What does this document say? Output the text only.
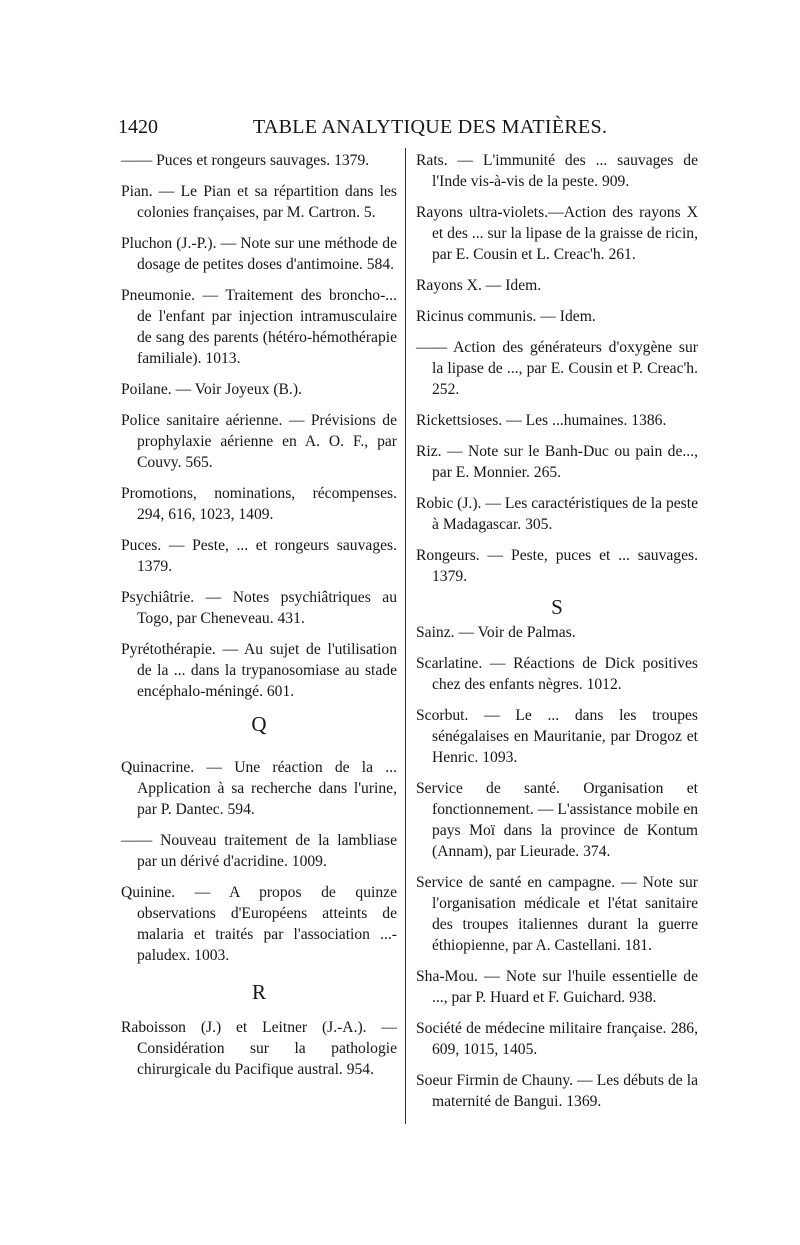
1420	TABLE ANALYTIQUE DES MATIÈRES.

—— Puces et rongeurs sauvages. 1379.

Pian. — Le Pian et sa répartition dans les colonies françaises, par M. Cartron. 5.

Pluchon (J.-P.). — Note sur une méthode de dosage de petites doses d'antimoine. 584.

Pneumonie. — Traitement des broncho-... de l'enfant par injection intramusculaire de sang des parents (hétéro-hémothérapie familiale). 1013.

Poilane. — Voir Joyeux (B.).

Police sanitaire aérienne. — Prévisions de prophylaxie aérienne en A. O. F., par Couvy. 565.

Promotions, nominations, récompenses. 294, 616, 1023, 1409.

Puces. — Peste, ... et rongeurs sauvages. 1379.

Psychiâtrie. — Notes psychiâtriques au Togo, par Cheneveau. 431.

Pyrétothérapie. — Au sujet de l'utilisation de la ... dans la trypanosomiase au stade encéphalo-méningé. 601.

Q

Quinacrine. — Une réaction de la ... Application à sa recherche dans l'urine, par P. Dantec. 594.

—— Nouveau traitement de la lambliase par un dérivé d'acridine. 1009.

Quinine. — A propos de quinze observations d'Européens atteints de malaria et traités par l'association ...-paludex. 1003.

R

Raboisson (J.) et Leitner (J.-A.). — Considération sur la pathologie chirurgicale du Pacifique austral. 954.

Rats. — L'immunité des ... sauvages de l'Inde vis-à-vis de la peste. 909.

Rayons ultra-violets.—Action des rayons X et des ... sur la lipase de la graisse de ricin, par E. Cousin et L. Creac'h. 261.

Rayons X. — Idem.

Ricinus communis. — Idem.

—— Action des générateurs d'oxygène sur la lipase de ..., par E. Cousin et P. Creac'h. 252.

Rickettsioses. — Les ...humaines. 1386.

Riz. — Note sur le Banh-Duc ou pain de..., par E. Monnier. 265.

Robic (J.). — Les caractéristiques de la peste à Madagascar. 305.

Rongeurs. — Peste, puces et ... sauvages. 1379.

S

Sainz. — Voir de Palmas.

Scarlatine. — Réactions de Dick positives chez des enfants nègres. 1012.

Scorbut. — Le ... dans les troupes sénégalaises en Mauritanie, par Drogoz et Henric. 1093.

Service de santé. Organisation et fonctionnement. — L'assistance mobile en pays Moï dans la province de Kontum (Annam), par Lieurade. 374.

Service de santé en campagne. — Note sur l'organisation médicale et l'état sanitaire des troupes italiennes durant la guerre éthiopienne, par A. Castellani. 181.

Sha-Mou. — Note sur l'huile essentielle de ..., par P. Huard et F. Guichard. 938.

Société de médecine militaire française. 286, 609, 1015, 1405.

Soeur Firmin de Chauny. — Les débuts de la maternité de Bangui. 1369.
